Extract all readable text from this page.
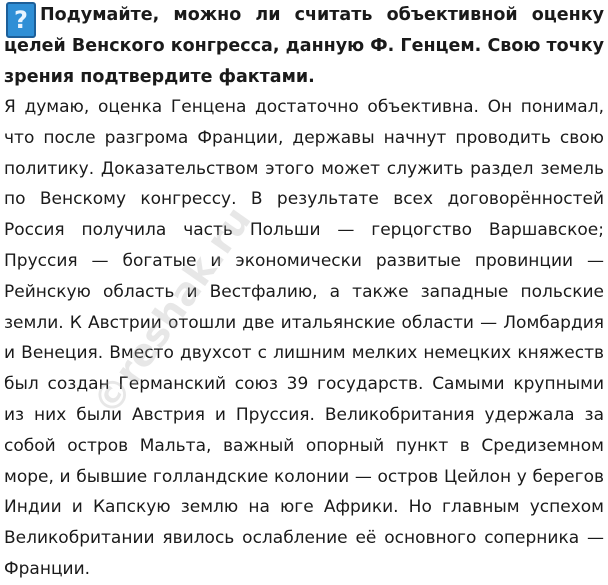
? Подумайте, можно ли считать объективной оценку целей Венского конгресса, данную Ф. Генцем. Свою точку зрения подтвердите фактами.

Я думаю, оценка Генцена достаточно объективна. Он понимал, что после разгрома Франции, державы начнут проводить свою политику. Доказательством этого может служить раздел земель по Венскому конгрессу. В результате всех договорённостей Россия получила часть Польши — герцогство Варшавское; Пруссия — богатые и экономически развитые провинции — Рейнскую область и Вестфалию, а также западные польские земли. К Австрии отошли две итальянские области — Ломбардия и Венеция. Вместо двухсот с лишним мелких немецких княжеств был создан Германский союз 39 государств. Самыми крупными из них были Австрия и Пруссия. Великобритания удержала за собой остров Мальта, важный опорный пункт в Средиземном море, и бывшие голландские колонии — остров Цейлон у берегов Индии и Капскую землю на юге Африки. Но главным успехом Великобритании явилось ослабление её основного соперника — Франции.

©reshak.ru
